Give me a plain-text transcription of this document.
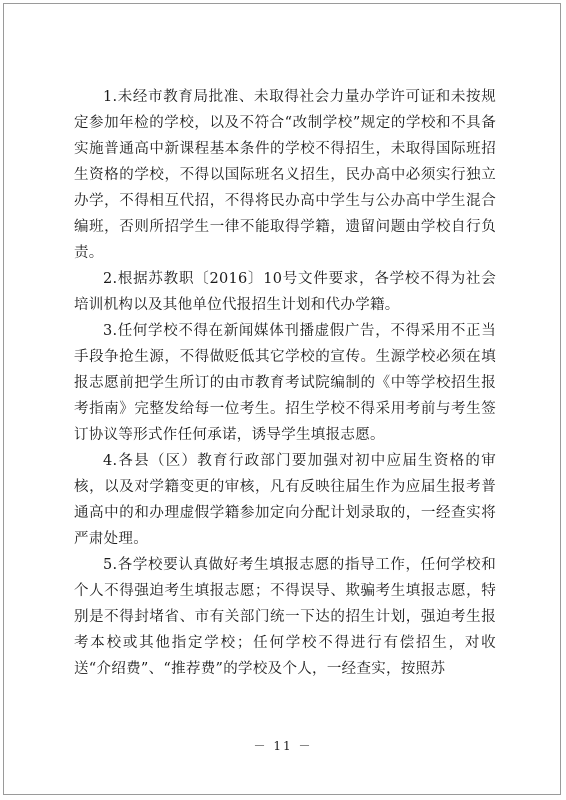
1.未经市教育局批准、未取得社会力量办学许可证和未按规定参加年检的学校，以及不符合“改制学校”规定的学校和不具备实施普通高中新课程基本条件的学校不得招生，未取得国际班招生资格的学校，不得以国际班名义招生，民办高中必须实行独立办学，不得相互代招，不得将民办高中学生与公办高中学生混合编班，否则所招学生一律不能取得学籍，遗留问题由学校自行负责。

2.根据苏教职〔2016〕10号文件要求，各学校不得为社会培训机构以及其他单位代报招生计划和代办学籍。

3.任何学校不得在新闻媒体刊播虚假广告，不得采用不正当手段争抢生源，不得做贬低其它学校的宣传。生源学校必须在填报志愿前把学生所订的由市教育考试院编制的《中等学校招生报考指南》完整发给每一位考生。招生学校不得采用考前与考生签订协议等形式作任何承诺，诱导学生填报志愿。

4.各县（区）教育行政部门要加强对初中应届生资格的审核，以及对学籍变更的审核，凡有反映往届生作为应届生报考普通高中的和办理虚假学籍参加定向分配计划录取的，一经查实将严肃处理。

5.各学校要认真做好考生填报志愿的指导工作，任何学校和个人不得强迫考生填报志愿；不得误导、欺骗考生填报志愿，特别是不得封堵省、市有关部门统一下达的招生计划，强迫考生报考本校或其他指定学校；任何学校不得进行有偿招生，对收送“介绍费”、“推荐费”的学校及个人，一经查实，按照苏

－ 11 －
